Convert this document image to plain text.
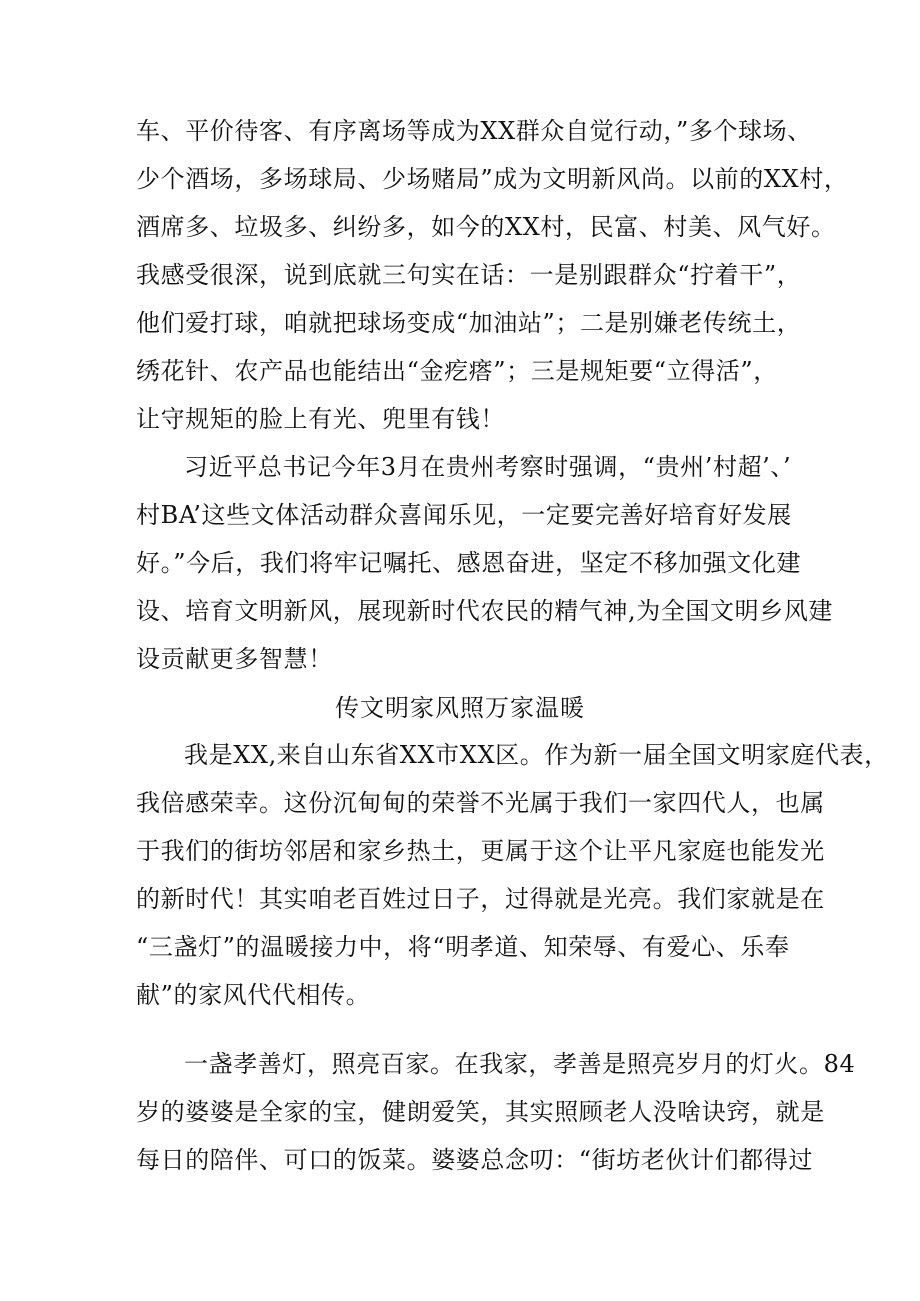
车、平价待客、有序离场等成为XX群众自觉行动，”多个球场、
少个酒场，多场球局、少场赌局”成为文明新风尚。以前的XX村，
酒席多、垃圾多、纠纷多，如今的XX村，民富、村美、风气好。
我感受很深，说到底就三句实在话：一是别跟群众“拧着干”，
他们爱打球，咱就把球场变成“加油站”；二是别嫌老传统土，
绣花针、农产品也能结出“金疙瘩”；三是规矩要“立得活”，
让守规矩的脸上有光、兜里有钱！
习近平总书记今年3月在贵州考察时强调，“贵州’村超’、’
村BA’这些文体活动群众喜闻乐见，一定要完善好培育好发展
好。”今后，我们将牢记嘱托、感恩奋进，坚定不移加强文化建
设、培育文明新风，展现新时代农民的精气神,为全国文明乡风建
设贡献更多智慧！
传文明家风照万家温暖
我是XX,来自山东省XX市XX区。作为新一届全国文明家庭代表，
我倍感荣幸。这份沉甸甸的荣誉不光属于我们一家四代人，也属
于我们的街坊邻居和家乡热土，更属于这个让平凡家庭也能发光
的新时代！其实咱老百姓过日子，过得就是光亮。我们家就是在
“三盏灯”的温暖接力中，将“明孝道、知荣辱、有爱心、乐奉
献”的家风代代相传。
一盏孝善灯，照亮百家。在我家，孝善是照亮岁月的灯火。84
岁的婆婆是全家的宝，健朗爱笑，其实照顾老人没啥诀窍，就是
每日的陪伴、可口的饭菜。婆婆总念叨：“街坊老伙计们都得过
